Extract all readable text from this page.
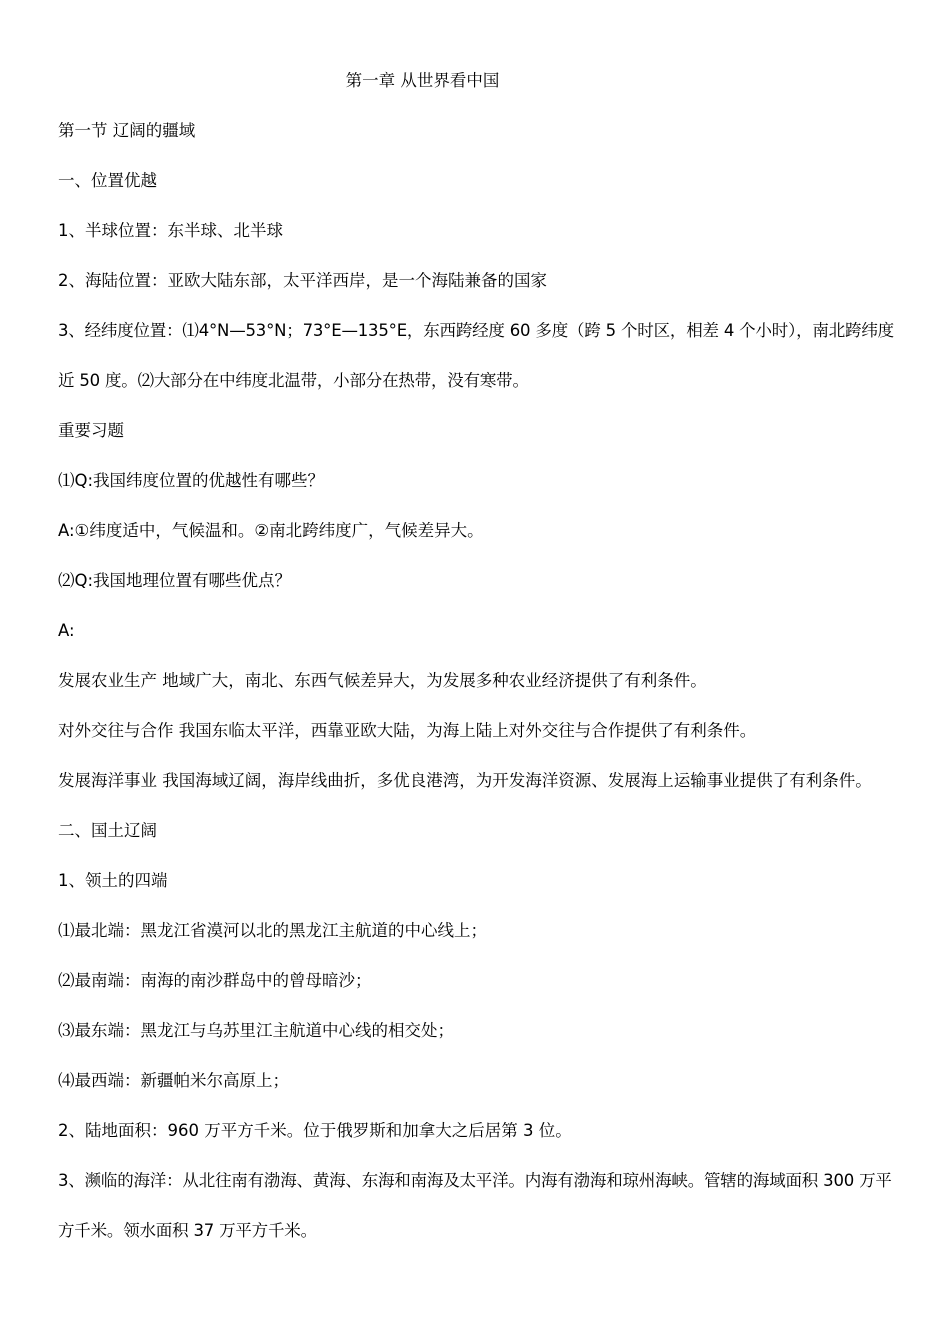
第一章 从世界看中国

第一节 辽阔的疆域

一、位置优越

1、半球位置：东半球、北半球

2、海陆位置：亚欧大陆东部，太平洋西岸，是一个海陆兼备的国家

3、经纬度位置：⑴4°N—53°N；73°E—135°E，东西跨经度 60 多度（跨 5 个时区，相差 4 个小时），南北跨纬度近 50 度。⑵大部分在中纬度北温带，小部分在热带，没有寒带。

重要习题

⑴Q:我国纬度位置的优越性有哪些？

A:①纬度适中，气候温和。②南北跨纬度广，气候差异大。

⑵Q:我国地理位置有哪些优点？

A:

发展农业生产 地域广大，南北、东西气候差异大，为发展多种农业经济提供了有利条件。

对外交往与合作 我国东临太平洋，西靠亚欧大陆，为海上陆上对外交往与合作提供了有利条件。

发展海洋事业 我国海域辽阔，海岸线曲折，多优良港湾，为开发海洋资源、发展海上运输事业提供了有利条件。

二、国土辽阔

1、领土的四端

⑴最北端：黑龙江省漠河以北的黑龙江主航道的中心线上；

⑵最南端：南海的南沙群岛中的曾母暗沙；

⑶最东端：黑龙江与乌苏里江主航道中心线的相交处；

⑷最西端：新疆帕米尔高原上；

2、陆地面积：960 万平方千米。位于俄罗斯和加拿大之后居第 3 位。

3、濒临的海洋：从北往南有渤海、黄海、东海和南海及太平洋。内海有渤海和琼州海峡。管辖的海域面积 300 万平方千米。领水面积 37 万平方千米。
